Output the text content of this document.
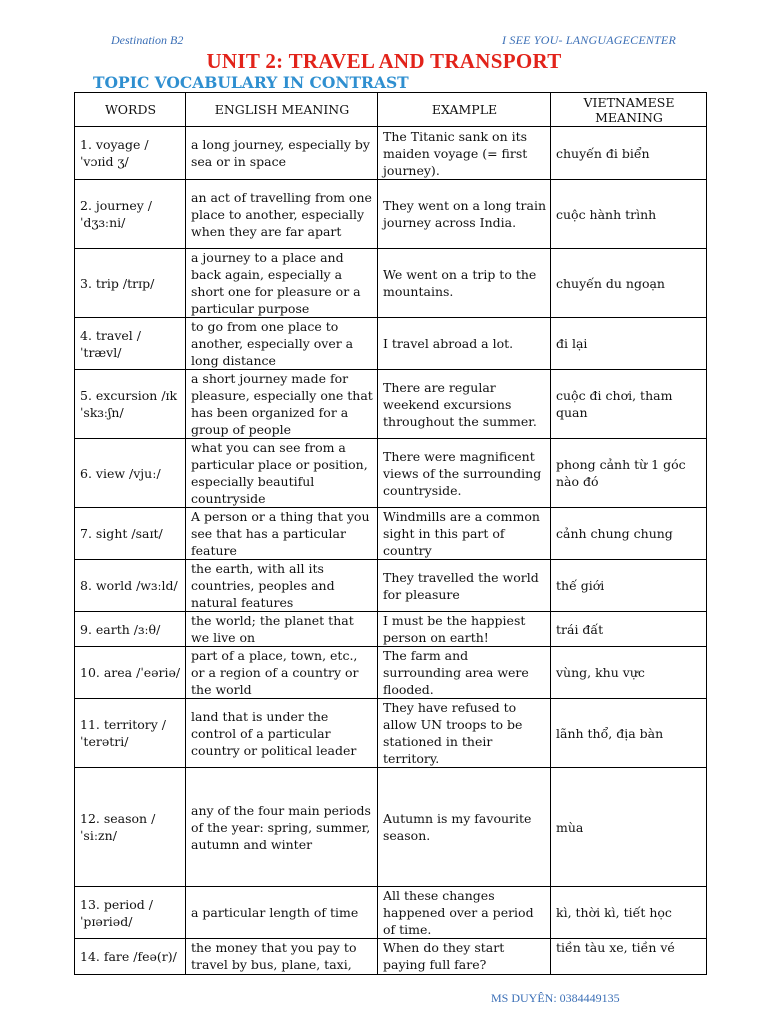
Destination B2	I SEE YOU- LANGUAGECENTER
UNIT 2: TRAVEL AND TRANSPORT
TOPIC VOCABULARY IN CONTRAST
WORDS	ENGLISH MEANING	EXAMPLE	VIETNAMESE MEANING
1. voyage /ˈvɔɪid ʒ/	a long journey, especially by sea or in space	The Titanic sank on its maiden voyage (= first journey).	chuyến đi biển
2. journey /ˈdʒɜːni/	an act of travelling from one place to another, especially when they are far apart	They went on a long train journey across India.	cuộc hành trình
3. trip /trɪp/	a journey to a place and back again, especially a short one for pleasure or a particular purpose	We went on a trip to the mountains.	chuyến du ngoạn
4. travel /ˈtrævl/	to go from one place to another, especially over a long distance	I travel abroad a lot.	đi lại
5. excursion /ɪk ˈskɜːʃn/	a short journey made for pleasure, especially one that has been organized for a group of people	There are regular weekend excursions throughout the summer.	cuộc đi chơi, tham quan
6. view /vjuː/	what you can see from a particular place or position, especially beautiful countryside	There were magnificent views of the surrounding countryside.	phong cảnh từ 1 góc nào đó
7. sight /saɪt/	A person or a thing that you see that has a particular feature	Windmills are a common sight in this part of country	cảnh chung chung
8. world /wɜːld/	the earth, with all its countries, peoples and natural features	They travelled the world for pleasure	thế giới
9. earth /ɜːθ/	the world; the planet that we live on	I must be the happiest person on earth!	trái đất
10. area /ˈeəriə/	part of a place, town, etc., or a region of a country or the world	The farm and surrounding area were flooded.	vùng, khu vực
11. territory /ˈterətri/	land that is under the control of a particular country or political leader	They have refused to allow UN troops to be stationed in their territory.	lãnh thổ, địa bàn
12. season /ˈsiːzn/	any of the four main periods of the year: spring, summer, autumn and winter	Autumn is my favourite season.	mùa
13. period /ˈpɪəriəd/	a particular length of time	All these changes happened over a period of time.	kì, thời kì, tiết học
14. fare /feə(r)/	the money that you pay to travel by bus, plane, taxi,	When do they start paying full fare?	tiền tàu xe, tiền vé
MS DUYÊN: 0384449135
